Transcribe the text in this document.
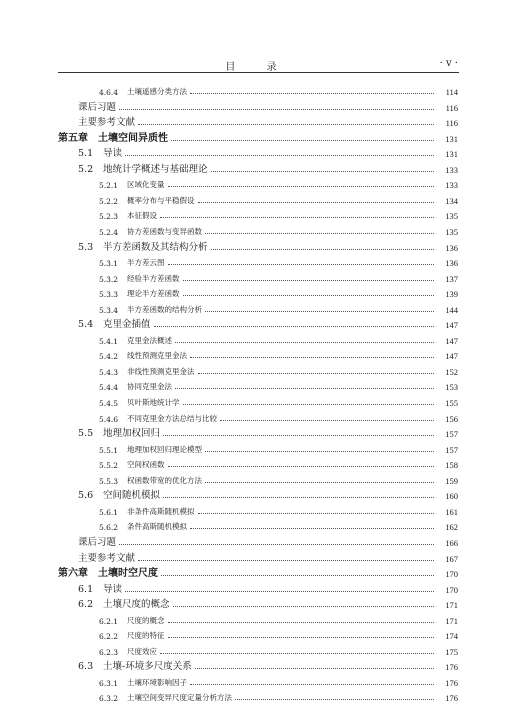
目 录	· v ·
4.6.4	土壤遥感分类方法	114
课后习题	116
主要参考文献	116
第五章	土壤空间异质性	131
5.1	导读	131
5.2	地统计学概述与基础理论	133
5.2.1	区域化变量	133
5.2.2	概率分布与平稳假设	134
5.2.3	本征假设	135
5.2.4	协方差函数与变异函数	135
5.3	半方差函数及其结构分析	136
5.3.1	半方差云图	136
5.3.2	经验半方差函数	137
5.3.3	理论半方差函数	139
5.3.4	半方差函数的结构分析	144
5.4	克里金插值	147
5.4.1	克里金法概述	147
5.4.2	线性预测克里金法	147
5.4.3	非线性预测克里金法	152
5.4.4	协同克里金法	153
5.4.5	贝叶斯地统计学	155
5.4.6	不同克里金方法总结与比较	156
5.5	地理加权回归	157
5.5.1	地理加权回归理论模型	157
5.5.2	空间权函数	158
5.5.3	权函数带宽的优化方法	159
5.6	空间随机模拟	160
5.6.1	非条件高斯随机模拟	161
5.6.2	条件高斯随机模拟	162
课后习题	166
主要参考文献	167
第六章	土壤时空尺度	170
6.1	导读	170
6.2	土壤尺度的概念	171
6.2.1	尺度的概念	171
6.2.2	尺度的特征	174
6.2.3	尺度效应	175
6.3	土壤-环境多尺度关系	176
6.3.1	土壤环境影响因子	176
6.3.2	土壤空间变异尺度定量分析方法	176
